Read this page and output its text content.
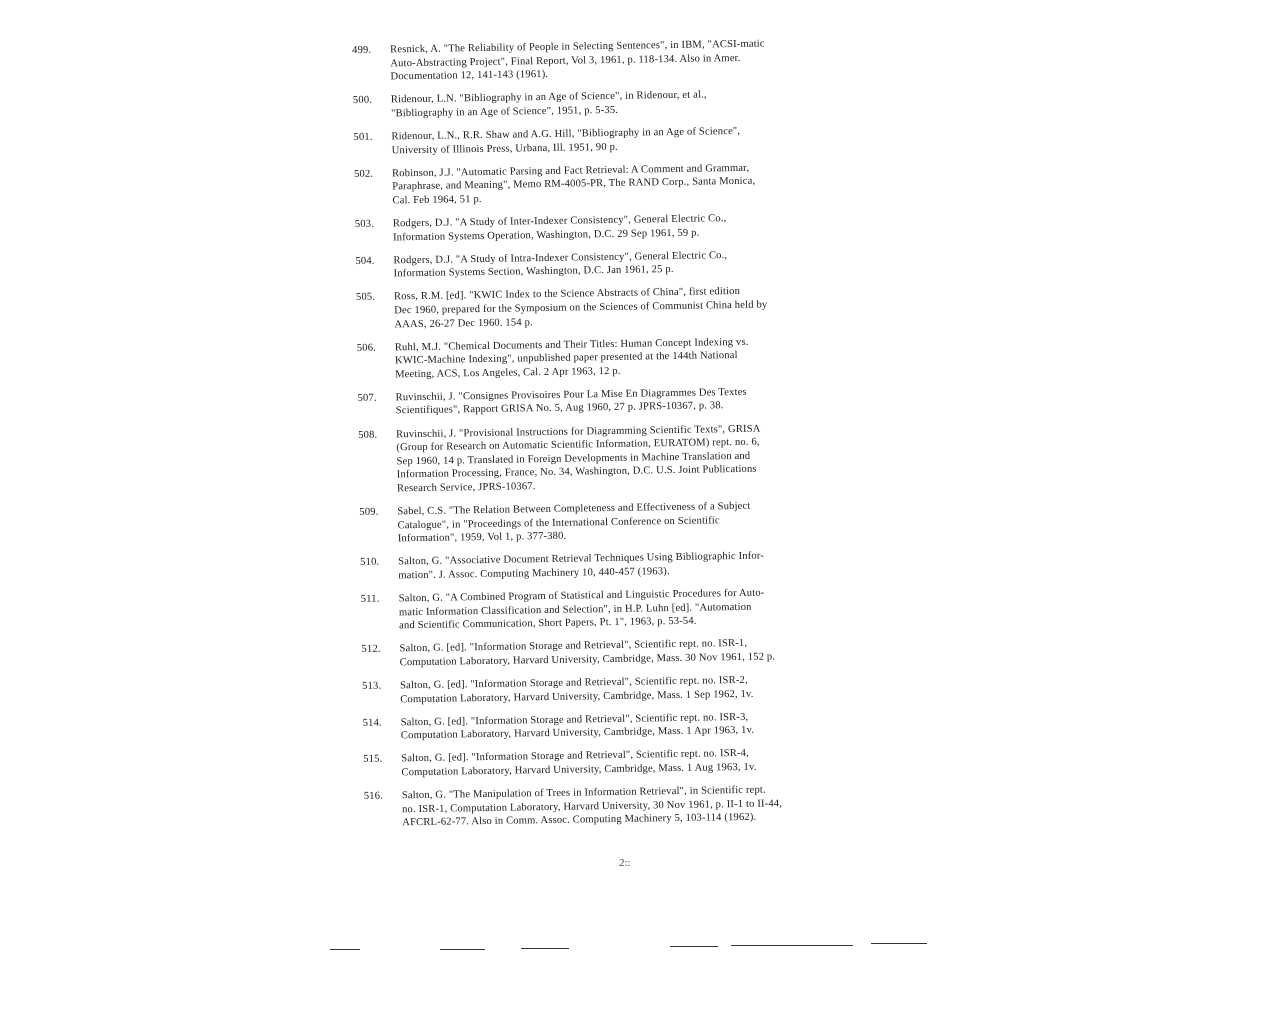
499.	Resnick, A. "The Reliability of People in Selecting Sentences", in IBM, "ACSI-matic
Auto-Abstracting Project", Final Report, Vol 3, 1961, p. 118-134. Also in Amer.
Documentation 12, 141-143 (1961).
500.	Ridenour, L.N. "Bibliography in an Age of Science", in Ridenour, et al.,
"Bibliography in an Age of Science", 1951, p. 5-35.
501.	Ridenour, L.N., R.R. Shaw and A.G. Hill, "Bibliography in an Age of Science",
University of Illinois Press, Urbana, Ill. 1951, 90 p.
502.	Robinson, J.J. "Automatic Parsing and Fact Retrieval: A Comment and Grammar,
Paraphrase, and Meaning", Memo RM-4005-PR, The RAND Corp., Santa Monica,
Cal. Feb 1964, 51 p.
503.	Rodgers, D.J. "A Study of Inter-Indexer Consistency", General Electric Co.,
Information Systems Operation, Washington, D.C. 29 Sep 1961, 59 p.
504.	Rodgers, D.J. "A Study of Intra-Indexer Consistency", General Electric Co.,
Information Systems Section, Washington, D.C. Jan 1961, 25 p.
505.	Ross, R.M. [ed]. "KWIC Index to the Science Abstracts of China", first edition
Dec 1960, prepared for the Symposium on the Sciences of Communist China held by
AAAS, 26-27 Dec 1960. 154 p.
506.	Ruhl, M.J. "Chemical Documents and Their Titles: Human Concept Indexing vs.
KWIC-Machine Indexing", unpublished paper presented at the 144th National
Meeting, ACS, Los Angeles, Cal. 2 Apr 1963, 12 p.
507.	Ruvinschii, J. "Consignes Provisoires Pour La Mise En Diagrammes Des Textes
Scientifiques", Rapport GRISA No. 5, Aug 1960, 27 p. JPRS-10367, p. 38.
508.	Ruvinschii, J. "Provisional Instructions for Diagramming Scientific Texts", GRISA
(Group for Research on Automatic Scientific Information, EURATOM) rept. no. 6,
Sep 1960, 14 p. Translated in Foreign Developments in Machine Translation and
Information Processing, France, No. 34, Washington, D.C. U.S. Joint Publications
Research Service, JPRS-10367.
509.	Sabel, C.S. "The Relation Between Completeness and Effectiveness of a Subject
Catalogue", in "Proceedings of the International Conference on Scientific
Information", 1959, Vol 1, p. 377-380.
510.	Salton, G. "Associative Document Retrieval Techniques Using Bibliographic Infor-
mation". J. Assoc. Computing Machinery 10, 440-457 (1963).
511.	Salton, G. "A Combined Program of Statistical and Linguistic Procedures for Auto-
matic Information Classification and Selection", in H.P. Luhn [ed]. "Automation
and Scientific Communication, Short Papers, Pt. 1", 1963, p. 53-54.
512.	Salton, G. [ed]. "Information Storage and Retrieval", Scientific rept. no. ISR-1,
Computation Laboratory, Harvard University, Cambridge, Mass. 30 Nov 1961, 152 p.
513.	Salton, G. [ed]. "Information Storage and Retrieval", Scientific rept. no. ISR-2,
Computation Laboratory, Harvard University, Cambridge, Mass. 1 Sep 1962, 1v.
514.	Salton, G. [ed]. "Information Storage and Retrieval", Scientific rept. no. ISR-3,
Computation Laboratory, Harvard University, Cambridge, Mass. 1 Apr 1963, 1v.
515.	Salton, G. [ed]. "Information Storage and Retrieval", Scientific rept. no. ISR-4,
Computation Laboratory, Harvard University, Cambridge, Mass. 1 Aug 1963, 1v.
516.	Salton, G. "The Manipulation of Trees in Information Retrieval", in Scientific rept.
no. ISR-1, Computation Laboratory, Harvard University, 30 Nov 1961, p. II-1 to II-44,
AFCRL-62-77. Also in Comm. Assoc. Computing Machinery 5, 103-114 (1962).
2::
